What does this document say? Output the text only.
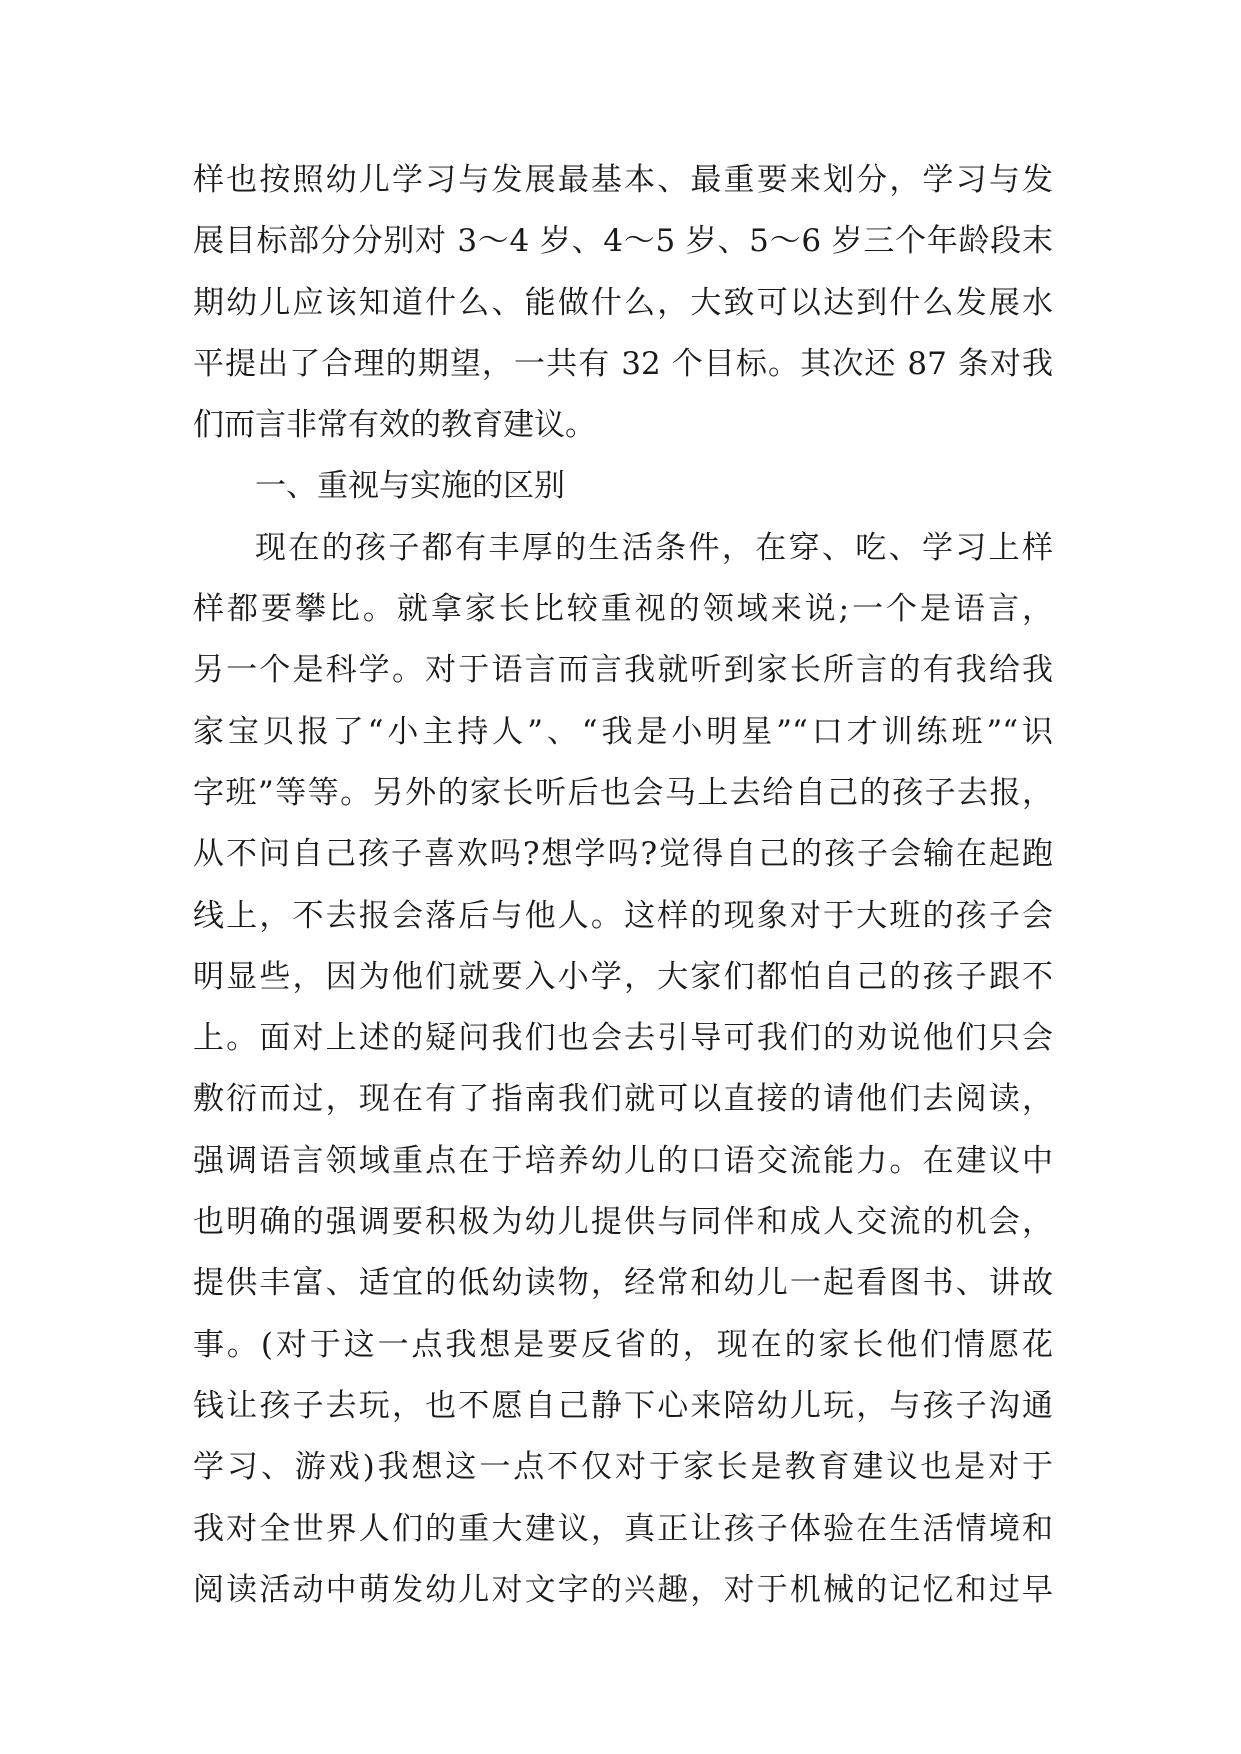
样也按照幼儿学习与发展最基本、最重要来划分，学习与发
展目标部分分别对 3～4 岁、4～5 岁、5～6 岁三个年龄段末
期幼儿应该知道什么、能做什么，大致可以达到什么发展水
平提出了合理的期望，一共有 32 个目标。其次还 87 条对我
们而言非常有效的教育建议。
一、重视与实施的区别
现在的孩子都有丰厚的生活条件，在穿、吃、学习上样
样都要攀比。就拿家长比较重视的领域来说;一个是语言，
另一个是科学。对于语言而言我就听到家长所言的有我给我
家宝贝报了“小主持人”、“我是小明星”“口才训练班”“识
字班”等等。另外的家长听后也会马上去给自己的孩子去报，
从不问自己孩子喜欢吗?想学吗?觉得自己的孩子会输在起跑
线上，不去报会落后与他人。这样的现象对于大班的孩子会
明显些，因为他们就要入小学，大家们都怕自己的孩子跟不
上。面对上述的疑问我们也会去引导可我们的劝说他们只会
敷衍而过，现在有了指南我们就可以直接的请他们去阅读，
强调语言领域重点在于培养幼儿的口语交流能力。在建议中
也明确的强调要积极为幼儿提供与同伴和成人交流的机会，
提供丰富、适宜的低幼读物，经常和幼儿一起看图书、讲故
事。(对于这一点我想是要反省的，现在的家长他们情愿花
钱让孩子去玩，也不愿自己静下心来陪幼儿玩，与孩子沟通
学习、游戏)我想这一点不仅对于家长是教育建议也是对于
我对全世界人们的重大建议，真正让孩子体验在生活情境和
阅读活动中萌发幼儿对文字的兴趣，对于机械的记忆和过早
